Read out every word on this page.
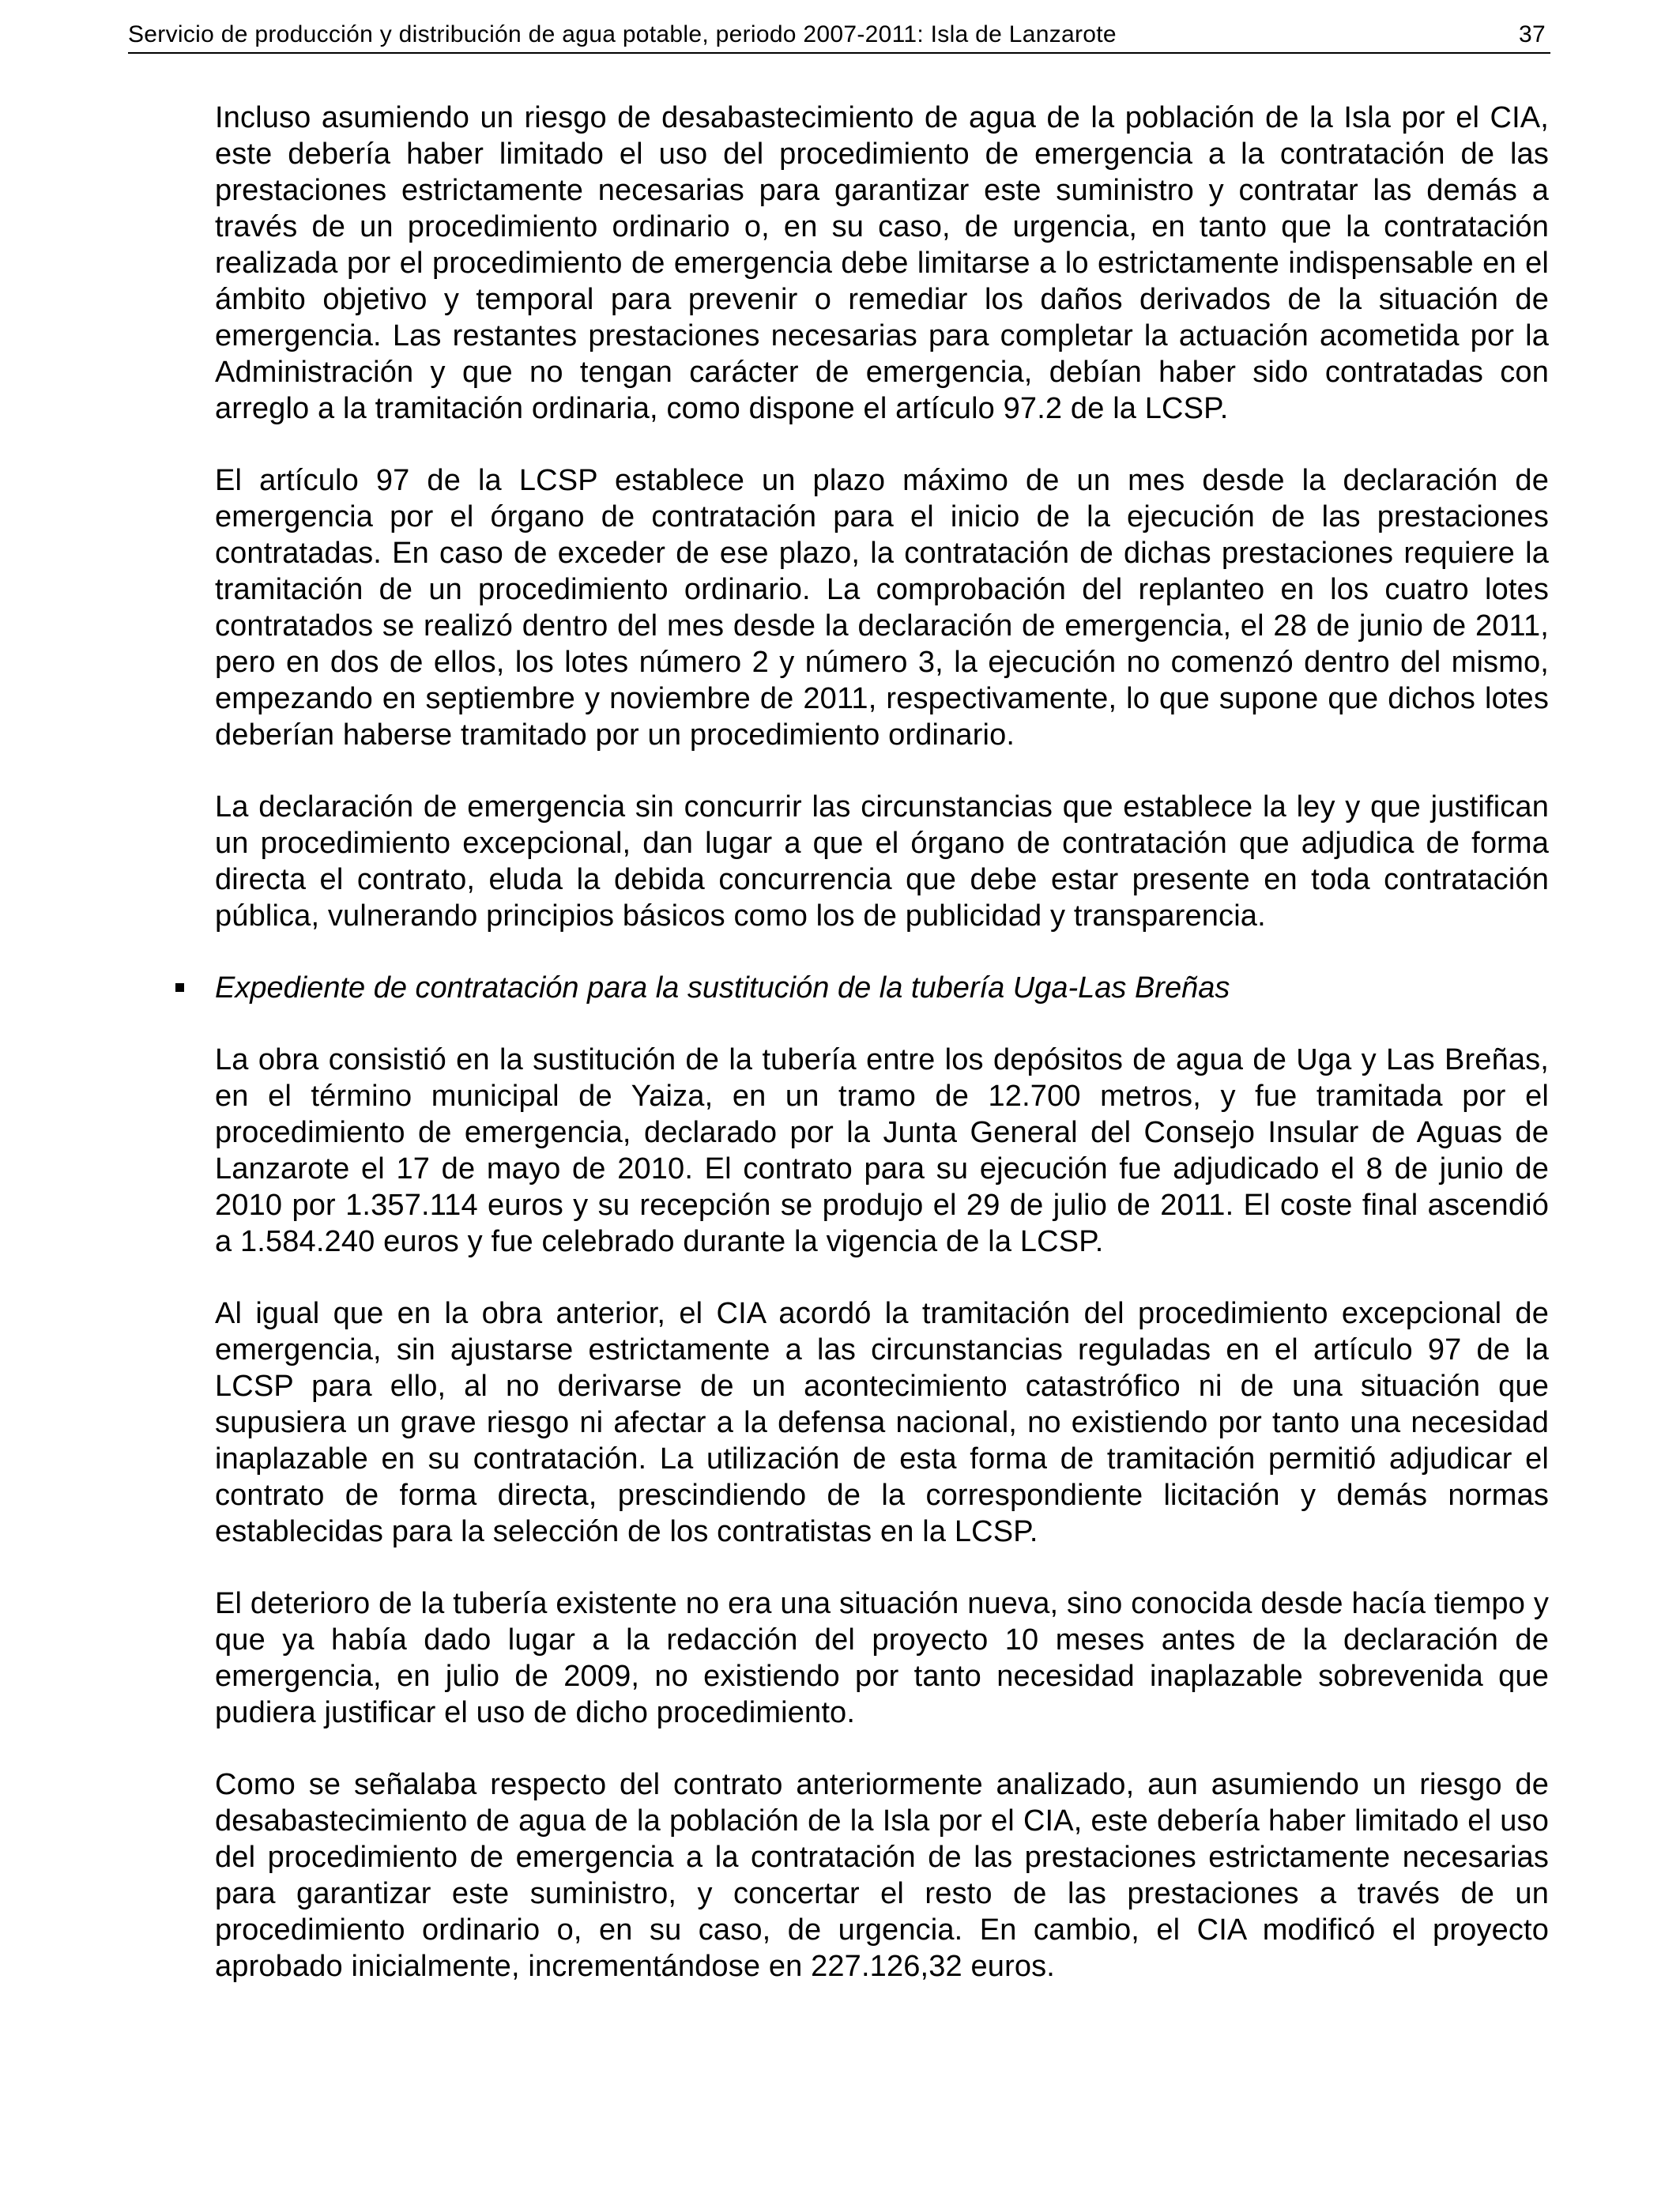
Servicio de producción y distribución de agua potable, periodo 2007-2011: Isla de Lanzarote	37

Incluso asumiendo un riesgo de desabastecimiento de agua de la población de la Isla por el CIA, este debería haber limitado el uso del procedimiento de emergencia a la contratación de las prestaciones estrictamente necesarias para garantizar este suministro y contratar las demás a través de un procedimiento ordinario o, en su caso, de urgencia, en tanto que la contratación realizada por el procedimiento de emergencia debe limitarse a lo estrictamente indispensable en el ámbito objetivo y temporal para prevenir o remediar los daños derivados de la situación de emergencia. Las restantes prestaciones necesarias para completar la actuación acometida por la Administración y que no tengan carácter de emergencia, debían haber sido contratadas con arreglo a la tramitación ordinaria, como dispone el artículo 97.2 de la LCSP.

El artículo 97 de la LCSP establece un plazo máximo de un mes desde la declaración de emergencia por el órgano de contratación para el inicio de la ejecución de las prestaciones contratadas. En caso de exceder de ese plazo, la contratación de dichas prestaciones requiere la tramitación de un procedimiento ordinario. La comprobación del replanteo en los cuatro lotes contratados se realizó dentro del mes desde la declaración de emergencia, el 28 de junio de 2011, pero en dos de ellos, los lotes número 2 y número 3, la ejecución no comenzó dentro del mismo, empezando en septiembre y noviembre de 2011, respectivamente, lo que supone que dichos lotes deberían haberse tramitado por un procedimiento ordinario.

La declaración de emergencia sin concurrir las circunstancias que establece la ley y que justifican un procedimiento excepcional, dan lugar a que el órgano de contratación que adjudica de forma directa el contrato, eluda la debida concurrencia que debe estar presente en toda contratación pública, vulnerando principios básicos como los de publicidad y transparencia.

Expediente de contratación para la sustitución de la tubería Uga-Las Breñas

La obra consistió en la sustitución de la tubería entre los depósitos de agua de Uga y Las Breñas, en el término municipal de Yaiza, en un tramo de 12.700 metros, y fue tramitada por el procedimiento de emergencia, declarado por la Junta General del Consejo Insular de Aguas de Lanzarote el 17 de mayo de 2010. El contrato para su ejecución fue adjudicado el 8 de junio de 2010 por 1.357.114 euros y su recepción se produjo el 29 de julio de 2011. El coste final ascendió a 1.584.240 euros y fue celebrado durante la vigencia de la LCSP.

Al igual que en la obra anterior, el CIA acordó la tramitación del procedimiento excepcional de emergencia, sin ajustarse estrictamente a las circunstancias reguladas en el artículo 97 de la LCSP para ello, al no derivarse de un acontecimiento catastrófico ni de una situación que supusiera un grave riesgo ni afectar a la defensa nacional, no existiendo por tanto una necesidad inaplazable en su contratación. La utilización de esta forma de tramitación permitió adjudicar el contrato de forma directa, prescindiendo de la correspondiente licitación y demás normas establecidas para la selección de los contratistas en la LCSP.

El deterioro de la tubería existente no era una situación nueva, sino conocida desde hacía tiempo y que ya había dado lugar a la redacción del proyecto 10 meses antes de la declaración de emergencia, en julio de 2009, no existiendo por tanto necesidad inaplazable sobrevenida que pudiera justificar el uso de dicho procedimiento.

Como se señalaba respecto del contrato anteriormente analizado, aun asumiendo un riesgo de desabastecimiento de agua de la población de la Isla por el CIA, este debería haber limitado el uso del procedimiento de emergencia a la contratación de las prestaciones estrictamente necesarias para garantizar este suministro, y concertar el resto de las prestaciones a través de un procedimiento ordinario o, en su caso, de urgencia. En cambio, el CIA modificó el proyecto aprobado inicialmente, incrementándose en 227.126,32 euros.
